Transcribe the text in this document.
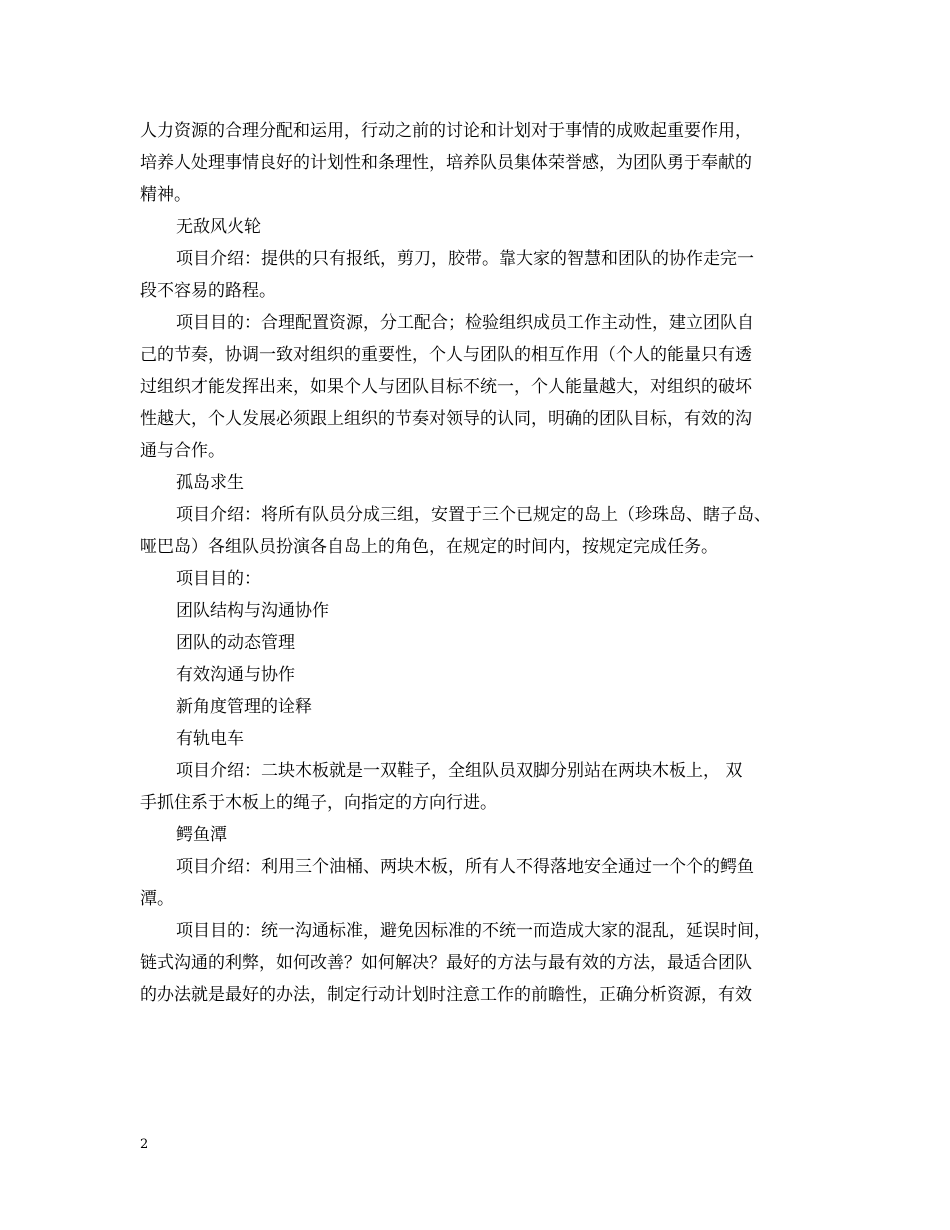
人力资源的合理分配和运用，行动之前的讨论和计划对于事情的成败起重要作用，
培养人处理事情良好的计划性和条理性，培养队员集体荣誉感，为团队勇于奉献的
精神。
无敌风火轮
项目介绍：提供的只有报纸，剪刀，胶带。靠大家的智慧和团队的协作走完一
段不容易的路程。
项目目的：合理配置资源，分工配合；检验组织成员工作主动性，建立团队自
己的节奏，协调一致对组织的重要性，个人与团队的相互作用（个人的能量只有透
过组织才能发挥出来，如果个人与团队目标不统一，个人能量越大，对组织的破坏
性越大，个人发展必须跟上组织的节奏对领导的认同，明确的团队目标，有效的沟
通与合作。
孤岛求生
项目介绍：将所有队员分成三组，安置于三个已规定的岛上（珍珠岛、瞎子岛、
哑巴岛）各组队员扮演各自岛上的角色，在规定的时间内，按规定完成任务。
项目目的：
团队结构与沟通协作
团队的动态管理
有效沟通与协作
新角度管理的诠释
有轨电车
项目介绍：二块木板就是一双鞋子，全组队员双脚分别站在两块木板上， 双
手抓住系于木板上的绳子，向指定的方向行进。
鳄鱼潭
项目介绍：利用三个油桶、两块木板，所有人不得落地安全通过一个个的鳄鱼
潭。
项目目的：统一沟通标准，避免因标准的不统一而造成大家的混乱，延误时间，
链式沟通的利弊，如何改善？如何解决？最好的方法与最有效的方法，最适合团队
的办法就是最好的办法，制定行动计划时注意工作的前瞻性，正确分析资源，有效
2
